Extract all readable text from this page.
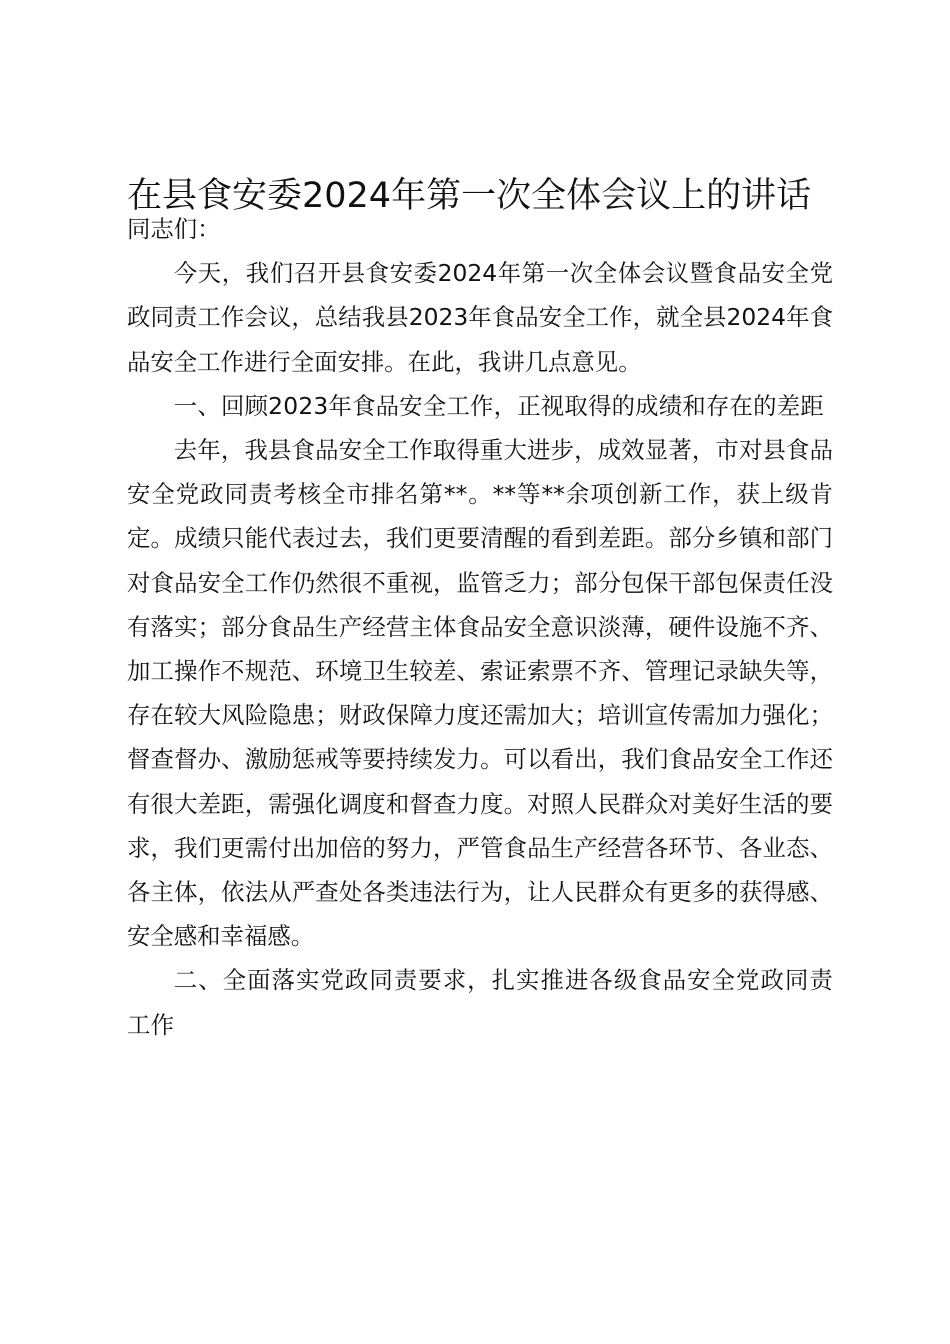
在县食安委2024年第一次全体会议上的讲话

同志们：

今天，我们召开县食安委2024年第一次全体会议暨食品安全党政同责工作会议，总结我县2023年食品安全工作，就全县2024年食品安全工作进行全面安排。在此，我讲几点意见。

一、回顾2023年食品安全工作，正视取得的成绩和存在的差距

去年，我县食品安全工作取得重大进步，成效显著，市对县食品安全党政同责考核全市排名第**。**等**余项创新工作，获上级肯定。成绩只能代表过去，我们更要清醒的看到差距。部分乡镇和部门对食品安全工作仍然很不重视，监管乏力；部分包保干部包保责任没有落实；部分食品生产经营主体食品安全意识淡薄，硬件设施不齐、加工操作不规范、环境卫生较差、索证索票不齐、管理记录缺失等，存在较大风险隐患；财政保障力度还需加大；培训宣传需加力强化；督查督办、激励惩戒等要持续发力。可以看出，我们食品安全工作还有很大差距，需强化调度和督查力度。对照人民群众对美好生活的要求，我们更需付出加倍的努力，严管食品生产经营各环节、各业态、各主体，依法从严查处各类违法行为，让人民群众有更多的获得感、安全感和幸福感。

二、全面落实党政同责要求，扎实推进各级食品安全党政同责工作
